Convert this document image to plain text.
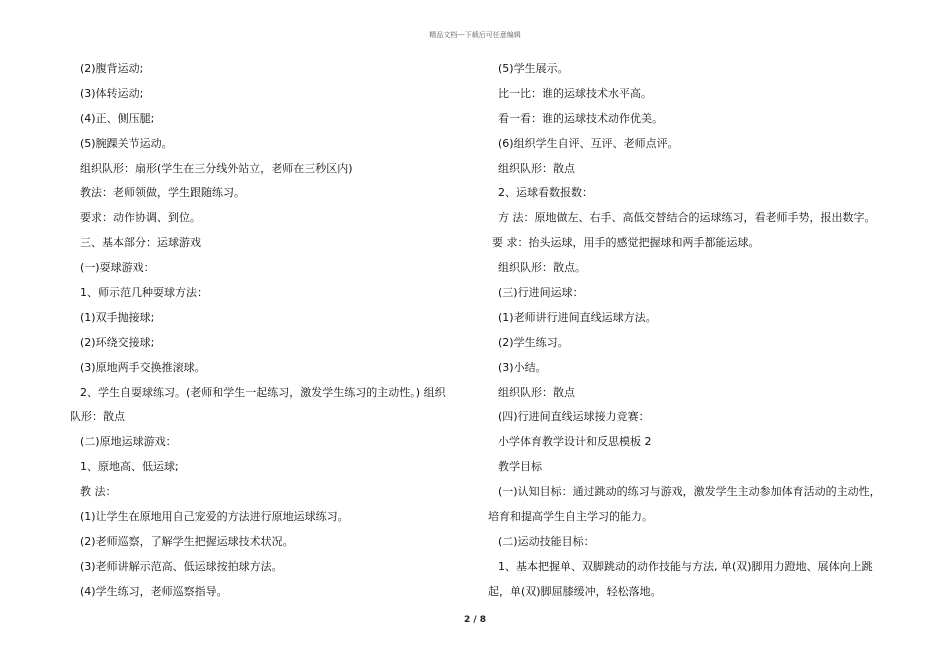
精品文档---下载后可任意编辑
(2)腹背运动;
(3)体转运动;
(4)正、侧压腿;
(5)腕踝关节运动。
组织队形：扇形(学生在三分线外站立，老师在三秒区内)
教法：老师领做，学生跟随练习。
要求：动作协调、到位。
三、基本部分：运球游戏
(一)耍球游戏：
1、师示范几种耍球方法：
(1)双手抛接球;
(2)环绕交接球;
(3)原地两手交换推滚球。
2、学生自耍球练习。(老师和学生一起练习，激发学生练习的主动性。) 组织
队形：散点
(二)原地运球游戏：
1、原地高、低运球;
教 法：
(1)让学生在原地用自己宠爱的方法进行原地运球练习。
(2)老师巡察，了解学生把握运球技术状况。
(3)老师讲解示范高、低运球按拍球方法。
(4)学生练习，老师巡察指导。
(5)学生展示。
比一比：谁的运球技术水平高。
看一看：谁的运球技术动作优美。
(6)组织学生自评、互评、老师点评。
组织队形：散点
2、运球看数报数：
方 法：原地做左、右手、高低交替结合的运球练习，看老师手势，报出数字。
要 求：抬头运球，用手的感觉把握球和两手都能运球。
组织队形：散点。
(三)行进间运球：
(1)老师讲行进间直线运球方法。
(2)学生练习。
(3)小结。
组织队形：散点
(四)行进间直线运球接力竞赛：
小学体育教学设计和反思模板 2
教学目标
(一)认知目标：通过跳动的练习与游戏，激发学生主动参加体育活动的主动性，
培育和提高学生自主学习的能力。
(二)运动技能目标：
1、基本把握单、双脚跳动的动作技能与方法, 单(双)脚用力蹬地、展体向上跳
起，单(双)脚屈膝缓冲，轻松落地。
2 / 8
